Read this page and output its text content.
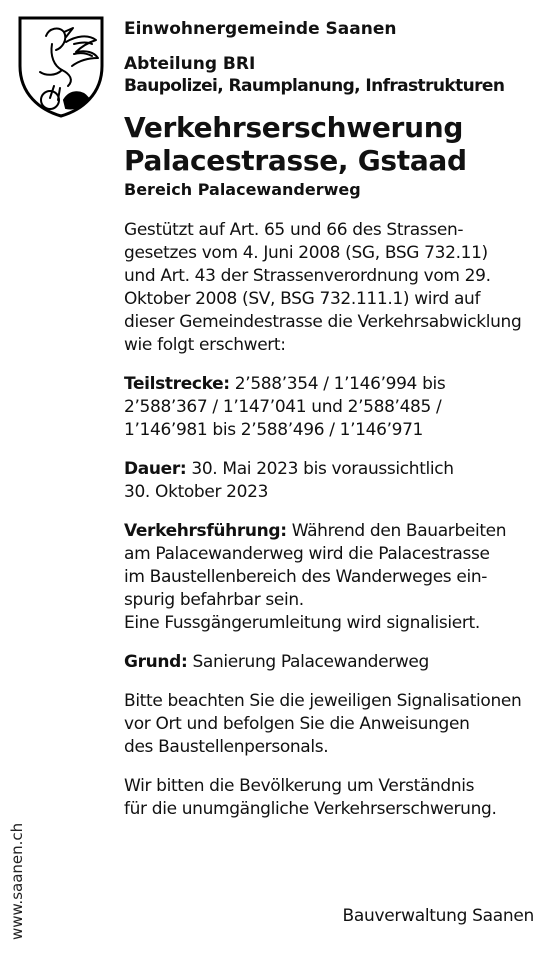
www.saanen.ch

Einwohnergemeinde Saanen

Abteilung BRI

Baupolizei, Raumplanung, Infrastrukturen

Verkehrserschwerung
Palacestrasse, Gstaad

Bereich Palacewanderweg

Gestützt auf Art. 65 und 66 des Strassen-
gesetzes vom 4. Juni 2008 (SG, BSG 732.11)
und Art. 43 der Strassenverordnung vom 29.
Oktober 2008 (SV, BSG 732.111.1) wird auf
dieser Gemeindestrasse die Verkehrsabwicklung
wie folgt erschwert:

Teilstrecke: 2’588’354 / 1’146’994 bis
2’588’367 / 1’147’041 und 2’588’485 /
1’146’981 bis 2’588’496 / 1’146’971

Dauer: 30. Mai 2023 bis voraussichtlich
30. Oktober 2023

Verkehrsführung: Während den Bauarbeiten
am Palacewanderweg wird die Palacestrasse
im Baustellenbereich des Wanderweges ein-
spurig befahrbar sein.
Eine Fussgängerumleitung wird signalisiert.

Grund: Sanierung Palacewanderweg

Bitte beachten Sie die jeweiligen Signalisationen
vor Ort und befolgen Sie die Anweisungen
des Baustellenpersonals.

Wir bitten die Bevölkerung um Verständnis
für die unumgängliche Verkehrserschwerung.

Bauverwaltung Saanen
